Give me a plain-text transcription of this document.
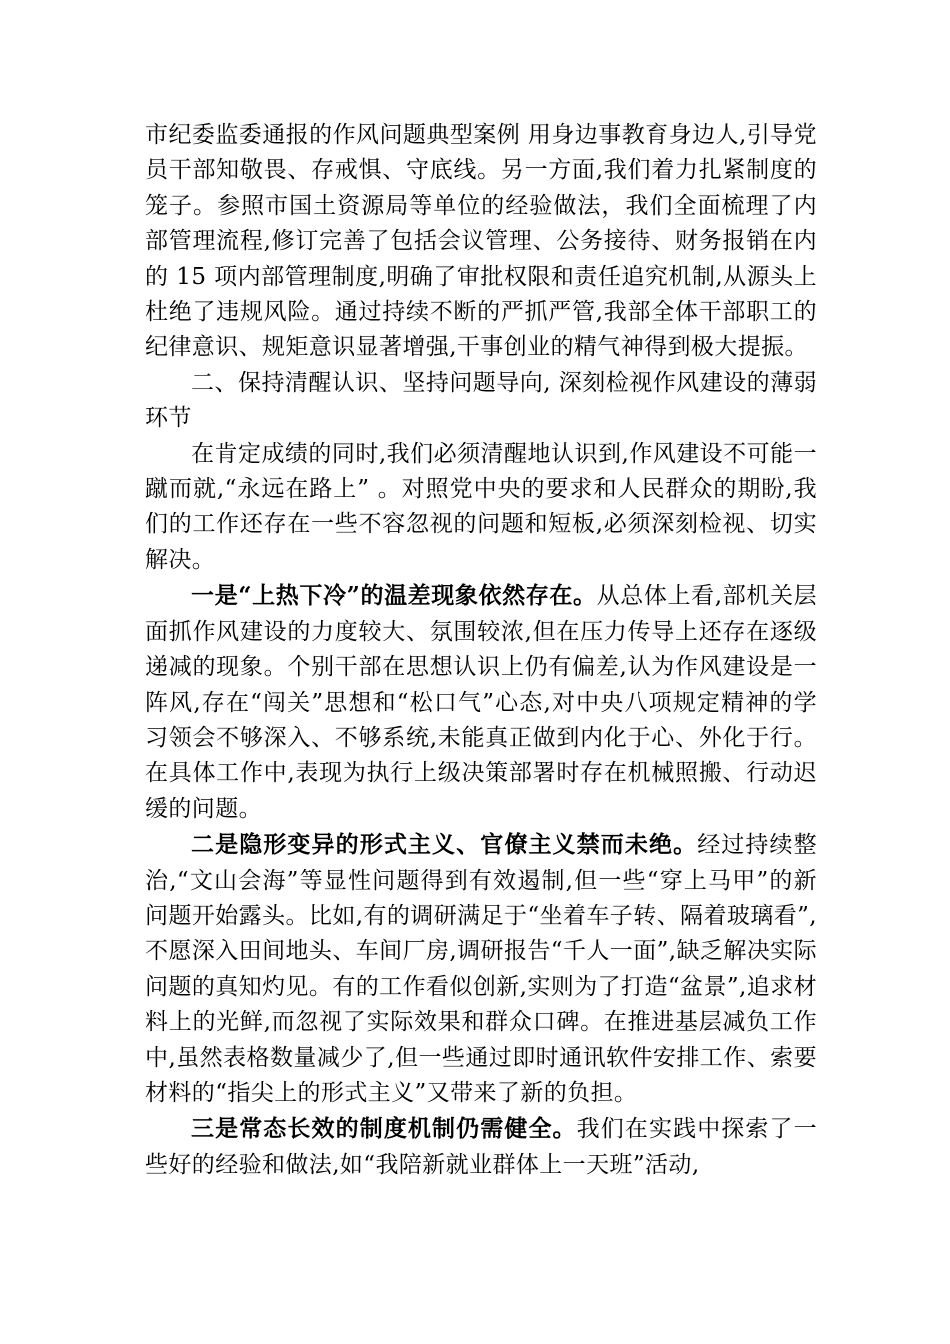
市纪委监委通报的作风问题典型案例 用身边事教育身边人,引导党员干部知敬畏、存戒惧、守底线。另一方面,我们着力扎紧制度的笼子。参照市国土资源局等单位的经验做法，我们全面梳理了内部管理流程,修订完善了包括会议管理、公务接待、财务报销在内的 15 项内部管理制度,明确了审批权限和责任追究机制,从源头上杜绝了违规风险。通过持续不断的严抓严管,我部全体干部职工的纪律意识、规矩意识显著增强,干事创业的精气神得到极大提振。

二、保持清醒认识、坚持问题导向, 深刻检视作风建设的薄弱环节

在肯定成绩的同时,我们必须清醒地认识到,作风建设不可能一蹴而就,“永远在路上” 。对照党中央的要求和人民群众的期盼,我们的工作还存在一些不容忽视的问题和短板,必须深刻检视、切实解决。

一是“上热下冷”的温差现象依然存在。从总体上看,部机关层面抓作风建设的力度较大、氛围较浓,但在压力传导上还存在逐级递减的现象。个别干部在思想认识上仍有偏差,认为作风建设是一阵风,存在“闯关”思想和“松口气”心态,对中央八项规定精神的学习领会不够深入、不够系统,未能真正做到内化于心、外化于行。在具体工作中,表现为执行上级决策部署时存在机械照搬、行动迟缓的问题。

二是隐形变异的形式主义、官僚主义禁而未绝。经过持续整治,“文山会海”等显性问题得到有效遏制,但一些“穿上马甲”的新问题开始露头。比如,有的调研满足于“坐着车子转、隔着玻璃看”,不愿深入田间地头、车间厂房,调研报告“千人一面”,缺乏解决实际问题的真知灼见。有的工作看似创新,实则为了打造“盆景”,追求材料上的光鲜,而忽视了实际效果和群众口碑。在推进基层减负工作中,虽然表格数量减少了,但一些通过即时通讯软件安排工作、索要材料的“指尖上的形式主义”又带来了新的负担。

三是常态长效的制度机制仍需健全。我们在实践中探索了一些好的经验和做法,如“我陪新就业群体上一天班”活动,
